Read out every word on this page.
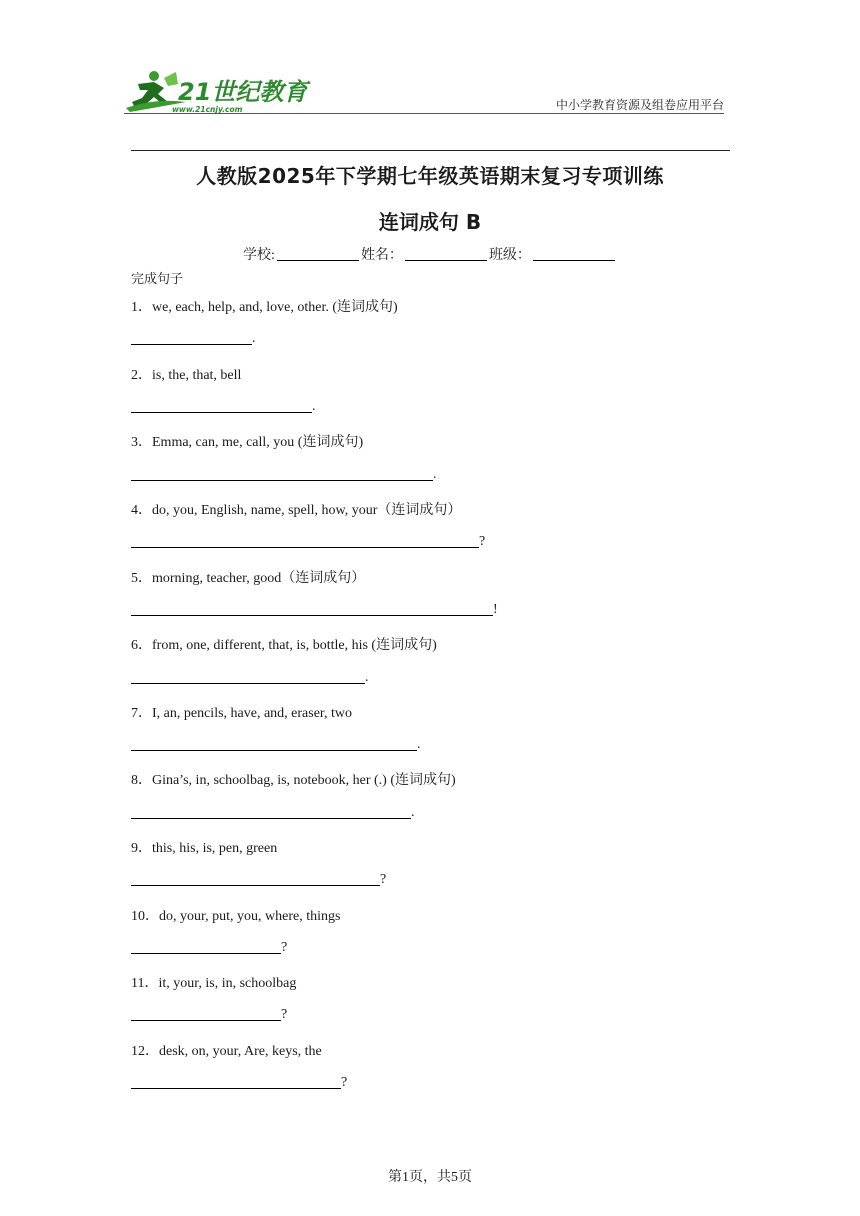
21世纪教育
www.21cnjy.com	中小学教育资源及组卷应用平台
人教版2025年下学期七年级英语期末复习专项训练
连词成句 B
学校:	姓名：	班级：
完成句子
1．we, each, help, and, love, other. (连词成句)
.
2．is, the, that, bell
.
3．Emma, can, me, call, you (连词成句)
.
4．do, you, English, name, spell, how, your（连词成句）
?
5．morning, teacher, good（连词成句）
!
6．from, one, different, that, is, bottle, his (连词成句)
.
7．I, an, pencils, have, and, eraser, two
.
8．Gina’s, in, schoolbag, is, notebook, her (.) (连词成句)
.
9．this, his, is, pen, green
?
10．do, your, put, you, where, things
?
11．it, your, is, in, schoolbag
?
12．desk, on, your, Are, keys, the
?
第1页，共5页
